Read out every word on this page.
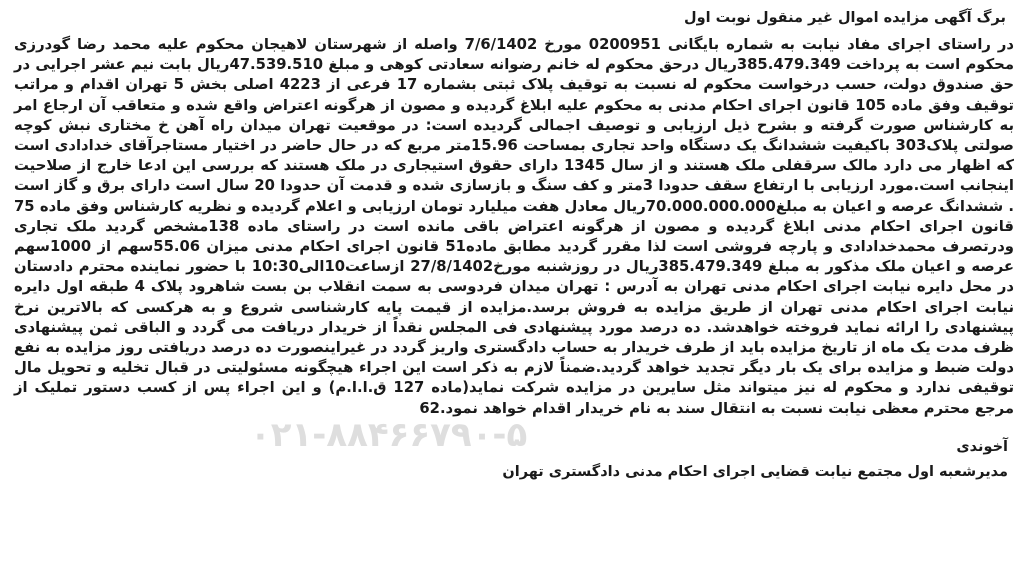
برگ آگهی مزایده اموال غیر منقول نوبت اول

در راستای اجرای مفاد نیابت به شماره بایگانی 0200951 مورخ 7/6/1402 واصله از شهرستان لاهیجان محکوم علیه محمد رضا گودرزی محکوم است به پرداخت 385.479.349ریال درحق محکوم له خانم رضوانه سعادتی کوهی و مبلغ 47.539.510ریال بابت نیم عشر اجرایی در حق صندوق دولت، حسب درخواست محکوم له نسبت به توقیف پلاک ثبتی بشماره 17 فرعی از 4223 اصلی بخش 5 تهران اقدام و مراتب توقیف وفق ماده 105 قانون اجرای احکام مدنی به محکوم علیه ابلاغ گردیده و مصون از هرگونه اعتراض واقع شده و متعاقب آن ارجاع امر به کارشناس صورت گرفته و بشرح ذیل ارزیابی و توصیف اجمالی گردیده است: در موقعیت تهران میدان راه آهن خ مختاری نبش کوچه صولتی پلاک303 باکیفیت ششدانگ یک دستگاه واحد تجاری بمساحت 15.96متر مربع که در حال حاضر در اختیار مستاجرآقای خدادادی است که اظهار می دارد مالک سرقفلی ملک هستند و از سال 1345 دارای حقوق استیجاری در ملک هستند که بررسی این ادعا خارج از صلاحیت اینجانب است.مورد ارزیابی با ارتفاع سقف حدودا 3متر و کف سنگ و بازسازی شده و قدمت آن حدودا 20 سال است دارای برق و گاز است . ششدانگ عرصه و اعیان به مبلغ70.000.000.000ریال معادل هفت میلیارد تومان ارزیابی و اعلام گردیده و نظریه کارشناس وفق ماده 75 قانون اجرای احکام مدنی ابلاغ گردیده و مصون از هرگونه اعتراض باقی مانده است در راستای ماده 138مشخص گردید ملک تجاری ودرتصرف محمدخدادادی و پارچه فروشی است لذا مقرر گردید مطابق ماده51 قانون اجرای احکام مدنی میزان 55.06سهم از 1000سهم عرصه و اعیان ملک مذکور به مبلغ 385.479.349ریال در روزشنبه مورخ27/8/1402 ازساعت10الی10:30 با حضور نماینده محترم دادستان در محل دایره نیابت اجرای احکام مدنی تهران به آدرس : تهران میدان فردوسی به سمت انقلاب بن بست شاهرود پلاک 4 طبقه اول دایره نیابت اجرای احکام مدنی تهران از طریق مزایده به فروش برسد.مزایده از قیمت پایه کارشناسی شروع و به هرکسی که بالاترین نرخ پیشنهادی را ارائه نماید فروخته خواهدشد. ده درصد مورد پیشنهادی فی المجلس نقداً از خریدار دریافت می گردد و الباقی ثمن پیشنهادی ظرف مدت یک ماه از تاریخ مزایده باید از طرف خریدار به حساب دادگستری واریز گردد در غیراینصورت ده درصد دریافتی روز مزایده به نفع دولت ضبط و مزایده برای یک بار دیگر تجدید خواهد گردید.ضمناً لازم به ذکر است این اجراء هیچگونه مسئولیتی در قبال تخلیه و تحویل مال توقیفی ندارد و محکوم له نیز میتواند مثل سایرین در مزایده شرکت نماید(ماده 127 ق.ا.ا.م) و این اجراء پس از کسب دستور تملیک از مرجع محترم معظی نیابت نسبت به انتقال سند به نام خریدار اقدام خواهد نمود.62

آخوندی

مدیرشعبه اول مجتمع نیابت قضایی اجرای احکام مدنی دادگستری تهران

۰۲۱-۸۸۴۶۶۷۹۰-۵
